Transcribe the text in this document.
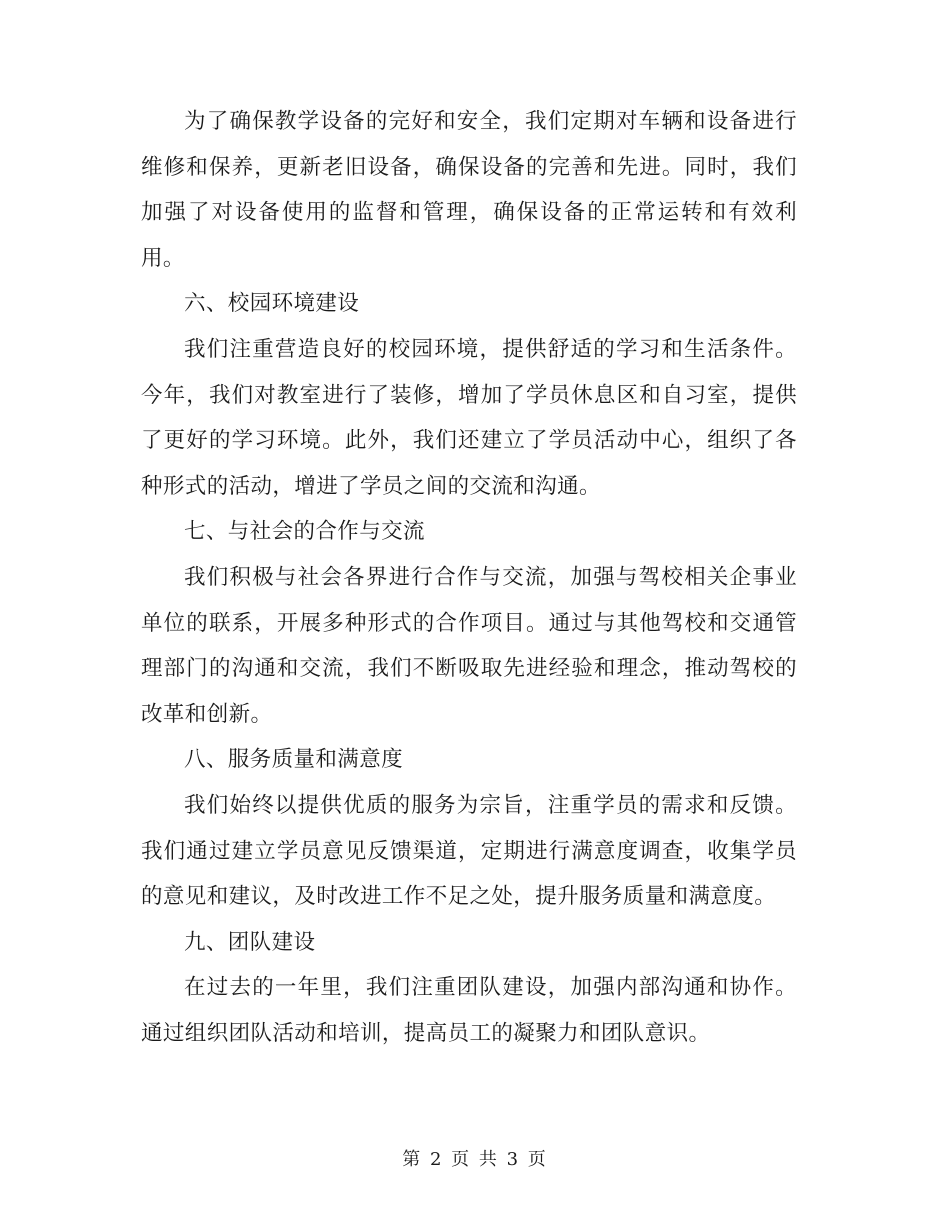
为了确保教学设备的完好和安全，我们定期对车辆和设备进行维修和保养，更新老旧设备，确保设备的完善和先进。同时，我们加强了对设备使用的监督和管理，确保设备的正常运转和有效利用。

六、校园环境建设

我们注重营造良好的校园环境，提供舒适的学习和生活条件。今年，我们对教室进行了装修，增加了学员休息区和自习室，提供了更好的学习环境。此外，我们还建立了学员活动中心，组织了各种形式的活动，增进了学员之间的交流和沟通。

七、与社会的合作与交流

我们积极与社会各界进行合作与交流，加强与驾校相关企事业单位的联系，开展多种形式的合作项目。通过与其他驾校和交通管理部门的沟通和交流，我们不断吸取先进经验和理念，推动驾校的改革和创新。

八、服务质量和满意度

我们始终以提供优质的服务为宗旨，注重学员的需求和反馈。我们通过建立学员意见反馈渠道，定期进行满意度调查，收集学员的意见和建议，及时改进工作不足之处，提升服务质量和满意度。

九、团队建设

在过去的一年里，我们注重团队建设，加强内部沟通和协作。通过组织团队活动和培训，提高员工的凝聚力和团队意识。

第 2 页 共 3 页
